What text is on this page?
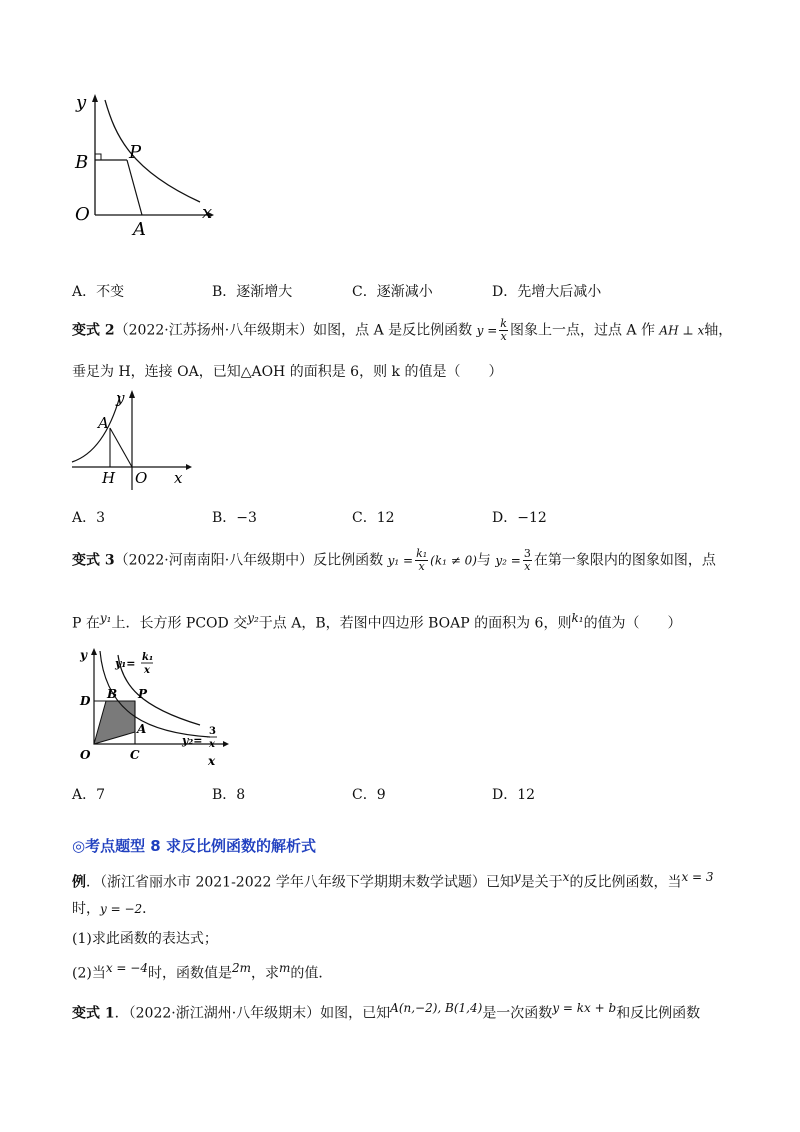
y
x
O
B P
A
A．不变	B．逐渐增大	C．逐渐减小	D．先增大后减小
变式 2（2022·江苏扬州·八年级期末）如图，点 A 是反比例函数 $y = \frac{k}{x}$ 图象上一点，过点 A 作 AH ⊥ x轴，
垂足为 H，连接 OA，已知△AOH 的面积是 6，则 k 的值是（　　）
y
A
H O x
A．3	B．−3	C．12	D．−12
变式 3（2022·河南南阳·八年级期中）反比例函数 $y_1 = \frac{\text{k₁}}{x} (k_1 \ne 0)$与 $y_2 = \frac{3}{x}$ 在第一象限内的图象如图，点
P 在$^{y_1}$上．长方形 PCOD 交$^{y_2}$于点 A，B，若图中四边形 BOAP 的面积为 6，则$^{k_1}$的值为（　　）
y
D B P
A
O	C	x
y₁= k₁
x
y₂=
3
x
A．7	B．8	C．9	D．12
◎考点题型 8 求反比例函数的解析式
例．（浙江省丽水市 2021-2022 学年八年级下学期期末数学试题）已知$^y$是关于$^x$的反比例函数，当$^{x = 3}$
时，y = −2．
(1)求此函数的表达式；
(2)当$^{x = -4}$时，函数值是$^{2m}$，求$^m$的值．
变式 1．（2022·浙江湖州·八年级期末）如图，已知$^{A(n,-2), B(1,4)}$是一次函数$^{y = kx + b}$和反比例函数
